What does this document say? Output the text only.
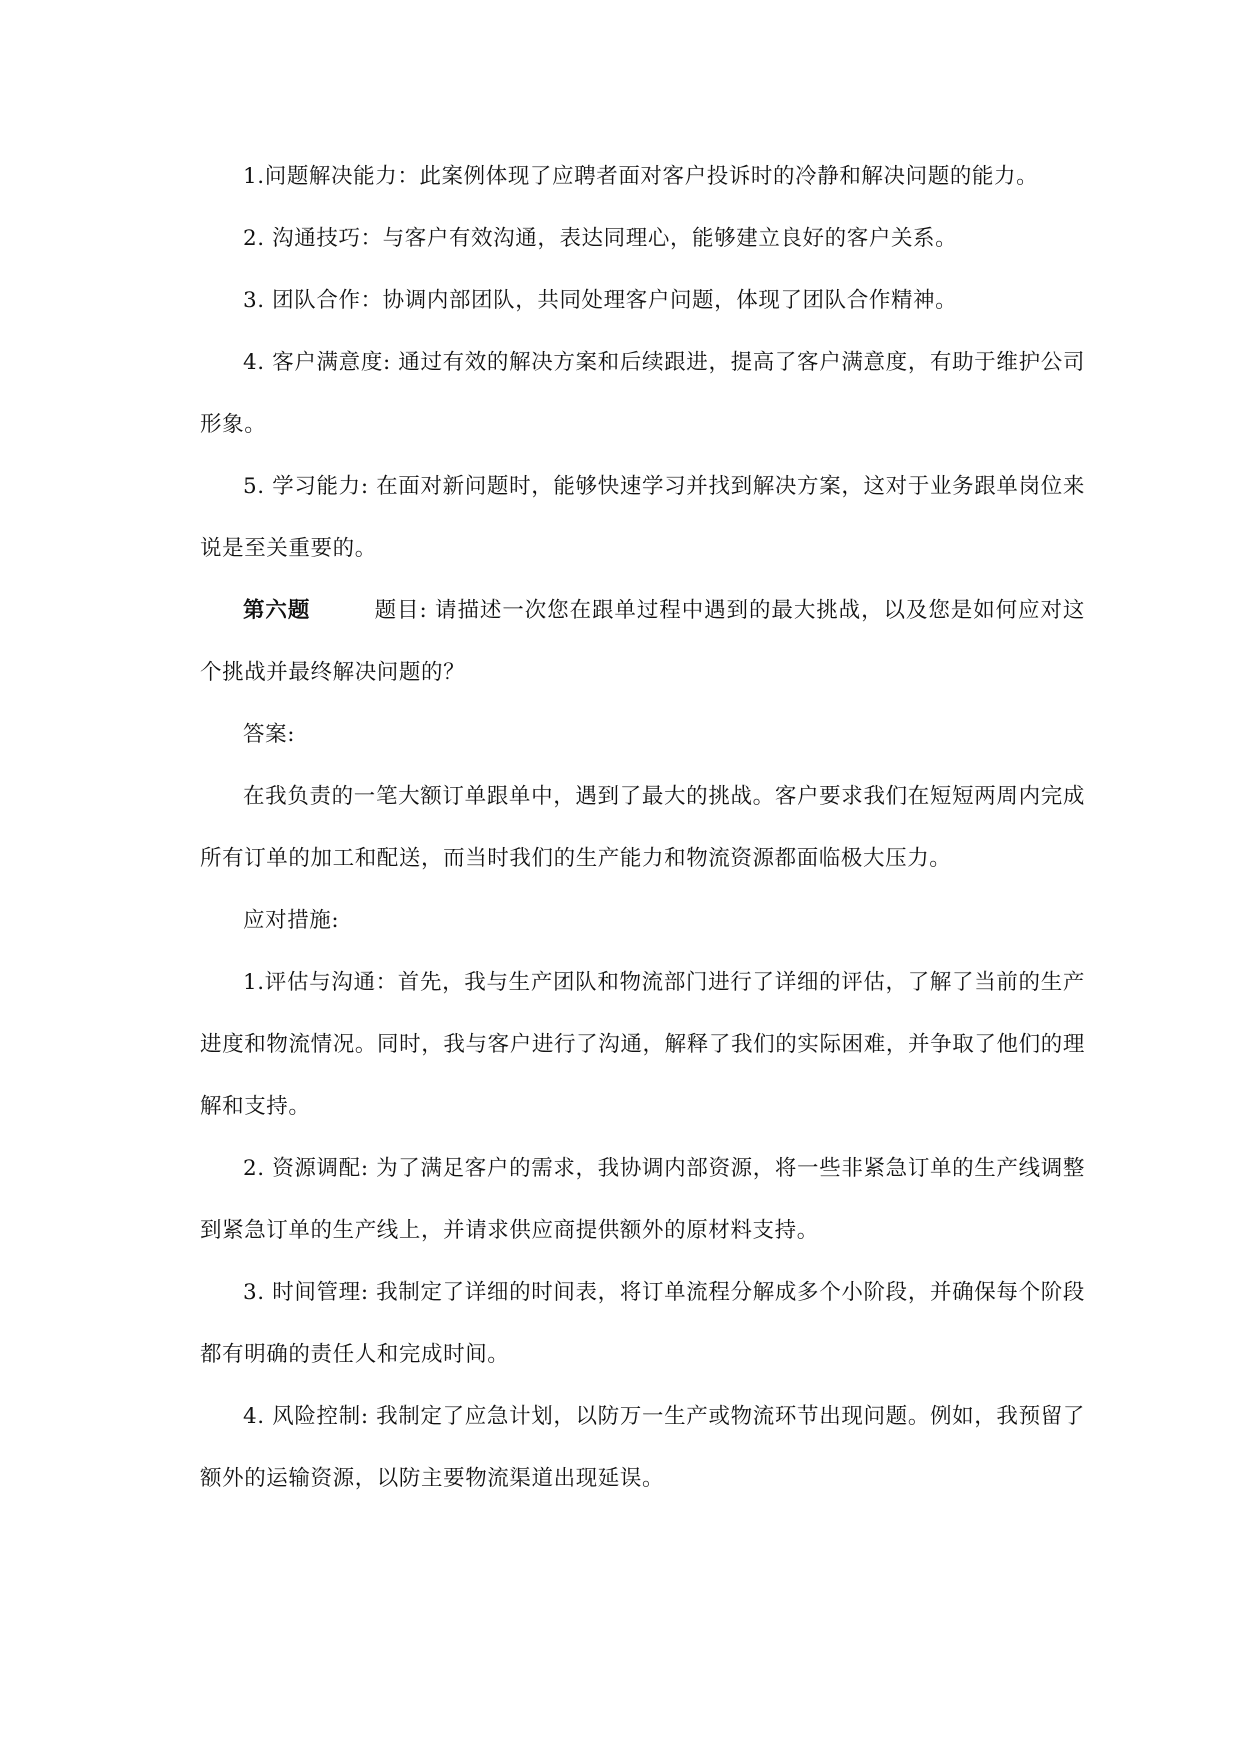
1.问题解决能力：此案例体现了应聘者面对客户投诉时的冷静和解决问题的能力。

2. 沟通技巧：与客户有效沟通，表达同理心，能够建立良好的客户关系。

3. 团队合作：协调内部团队，共同处理客户问题，体现了团队合作精神。

4. 客户满意度: 通过有效的解决方案和后续跟进，提高了客户满意度，有助于维护公司形象。

5. 学习能力: 在面对新问题时，能够快速学习并找到解决方案，这对于业务跟单岗位来说是至关重要的。

第六题	题目: 请描述一次您在跟单过程中遇到的最大挑战，以及您是如何应对这个挑战并最终解决问题的？

答案:

在我负责的一笔大额订单跟单中，遇到了最大的挑战。客户要求我们在短短两周内完成所有订单的加工和配送，而当时我们的生产能力和物流资源都面临极大压力。

应对措施:

1.评估与沟通：首先，我与生产团队和物流部门进行了详细的评估，了解了当前的生产进度和物流情况。同时，我与客户进行了沟通，解释了我们的实际困难，并争取了他们的理解和支持。

2. 资源调配: 为了满足客户的需求，我协调内部资源，将一些非紧急订单的生产线调整到紧急订单的生产线上，并请求供应商提供额外的原材料支持。

3. 时间管理: 我制定了详细的时间表，将订单流程分解成多个小阶段，并确保每个阶段都有明确的责任人和完成时间。

4. 风险控制: 我制定了应急计划，以防万一生产或物流环节出现问题。例如，我预留了额外的运输资源，以防主要物流渠道出现延误。
